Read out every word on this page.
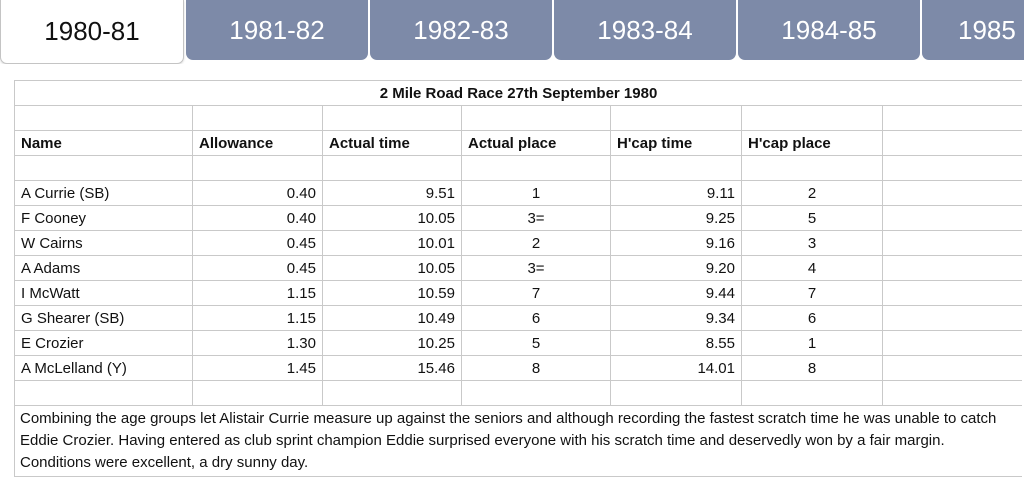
1980-81	1981-82	1982-83	1983-84	1984-85	1985
2 Mile Road Race 27th September 1980						

Name	Allowance	Actual time	Actual place	H'cap time	H'cap place	

A Currie (SB)	0.40	9.51	1	9.11	2	
F Cooney	0.40	10.05	3=	9.25	5	
W Cairns	0.45	10.01	2	9.16	3	
A Adams	0.45	10.05	3=	9.20	4	
I McWatt	1.15	10.59	7	9.44	7	
G Shearer (SB)	1.15	10.49	6	9.34	6	
E Crozier	1.30	10.25	5	8.55	1	
A McLelland (Y)	1.45	15.46	8	14.01	8	

Combining the age groups let Alistair Currie measure up against the seniors and although recording the fastest scratch time he was unable to catch Eddie Crozier. Having entered as club sprint champion Eddie surprised everyone with his scratch time and deservedly won by a fair margin. Conditions were excellent, a dry sunny day.						
